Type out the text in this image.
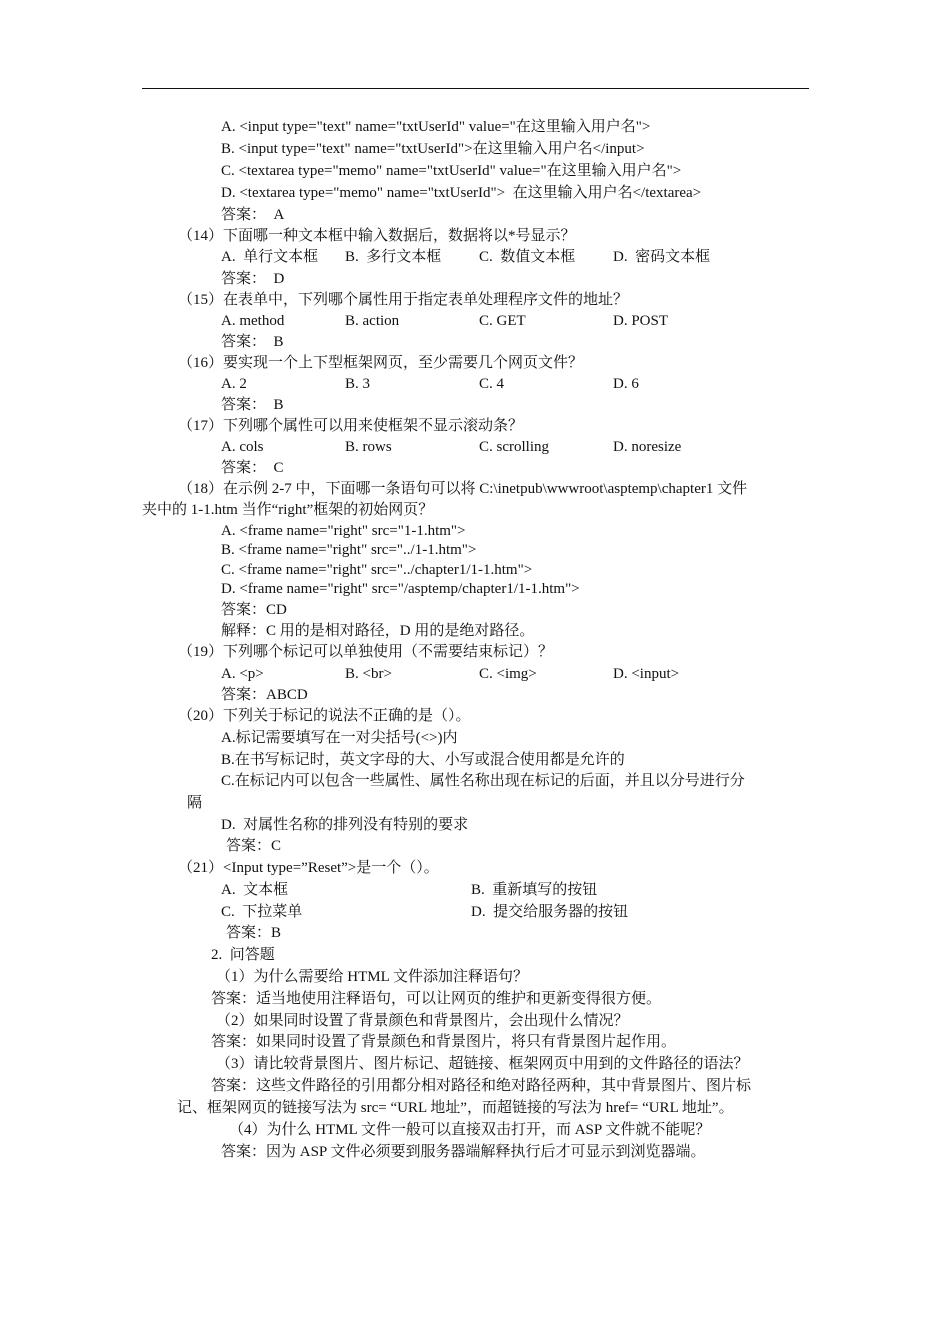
A. <input type="text" name="txtUserId" value="在这里输入用户名">
B. <input type="text" name="txtUserId">在这里输入用户名</input>
C. <textarea type="memo" name="txtUserId" value="在这里输入用户名">
D. <textarea type="memo" name="txtUserId">  在这里输入用户名</textarea>
答案：  A
（14）下面哪一种文本框中输入数据后，数据将以*号显示？
A.  单行文本框 B.  多行文本框	C.  数值文本框	D.  密码文本框
答案：  D
（15）在表单中，下列哪个属性用于指定表单处理程序文件的地址？
A. method	B. action	C. GET	D. POST
答案：  B
（16）要实现一个上下型框架网页，至少需要几个网页文件？
A. 2	B. 3	C. 4	D. 6
答案：  B
（17）下列哪个属性可以用来使框架不显示滚动条？
A. cols	B. rows	C. scrolling	D. noresize
答案：  C
（18）在示例 2-7 中，下面哪一条语句可以将 C:\inetpub\wwwroot\asptemp\chapter1 文件
夹中的 1-1.htm 当作“right”框架的初始网页？
A. <frame name="right" src="1-1.htm">
B. <frame name="right" src="../1-1.htm">
C. <frame name="right" src="../chapter1/1-1.htm">
D. <frame name="right" src="/asptemp/chapter1/1-1.htm">
答案：CD
解释：C 用的是相对路径，D 用的是绝对路径。
（19）下列哪个标记可以单独使用（不需要结束标记）？
A. <p>	B. <br>	C. <img>	D. <input>
答案：ABCD
（20）下列关于标记的说法不正确的是（）。
A.标记需要填写在一对尖括号(<>)内
B.在书写标记时，英文字母的大、小写或混合使用都是允许的
C.在标记内可以包含一些属性、属性名称出现在标记的后面，并且以分号进行分
隔
D.  对属性名称的排列没有特别的要求
答案：C
（21）<Input type=”Reset”>是一个（）。
A.  文本框	B.  重新填写的按钮
C.  下拉菜单	D.  提交给服务器的按钮
答案：B
2.  问答题
（1）为什么需要给 HTML 文件添加注释语句？
答案：适当地使用注释语句，可以让网页的维护和更新变得很方便。
（2）如果同时设置了背景颜色和背景图片，会出现什么情况？
答案：如果同时设置了背景颜色和背景图片，将只有背景图片起作用。
（3）请比较背景图片、图片标记、超链接、框架网页中用到的文件路径的语法？
答案：这些文件路径的引用都分相对路径和绝对路径两种，其中背景图片、图片标
记、框架网页的链接写法为 src= “URL 地址”，而超链接的写法为 href= “URL 地址”。
（4）为什么 HTML 文件一般可以直接双击打开，而 ASP 文件就不能呢？
答案：因为 ASP 文件必须要到服务器端解释执行后才可显示到浏览器端。
